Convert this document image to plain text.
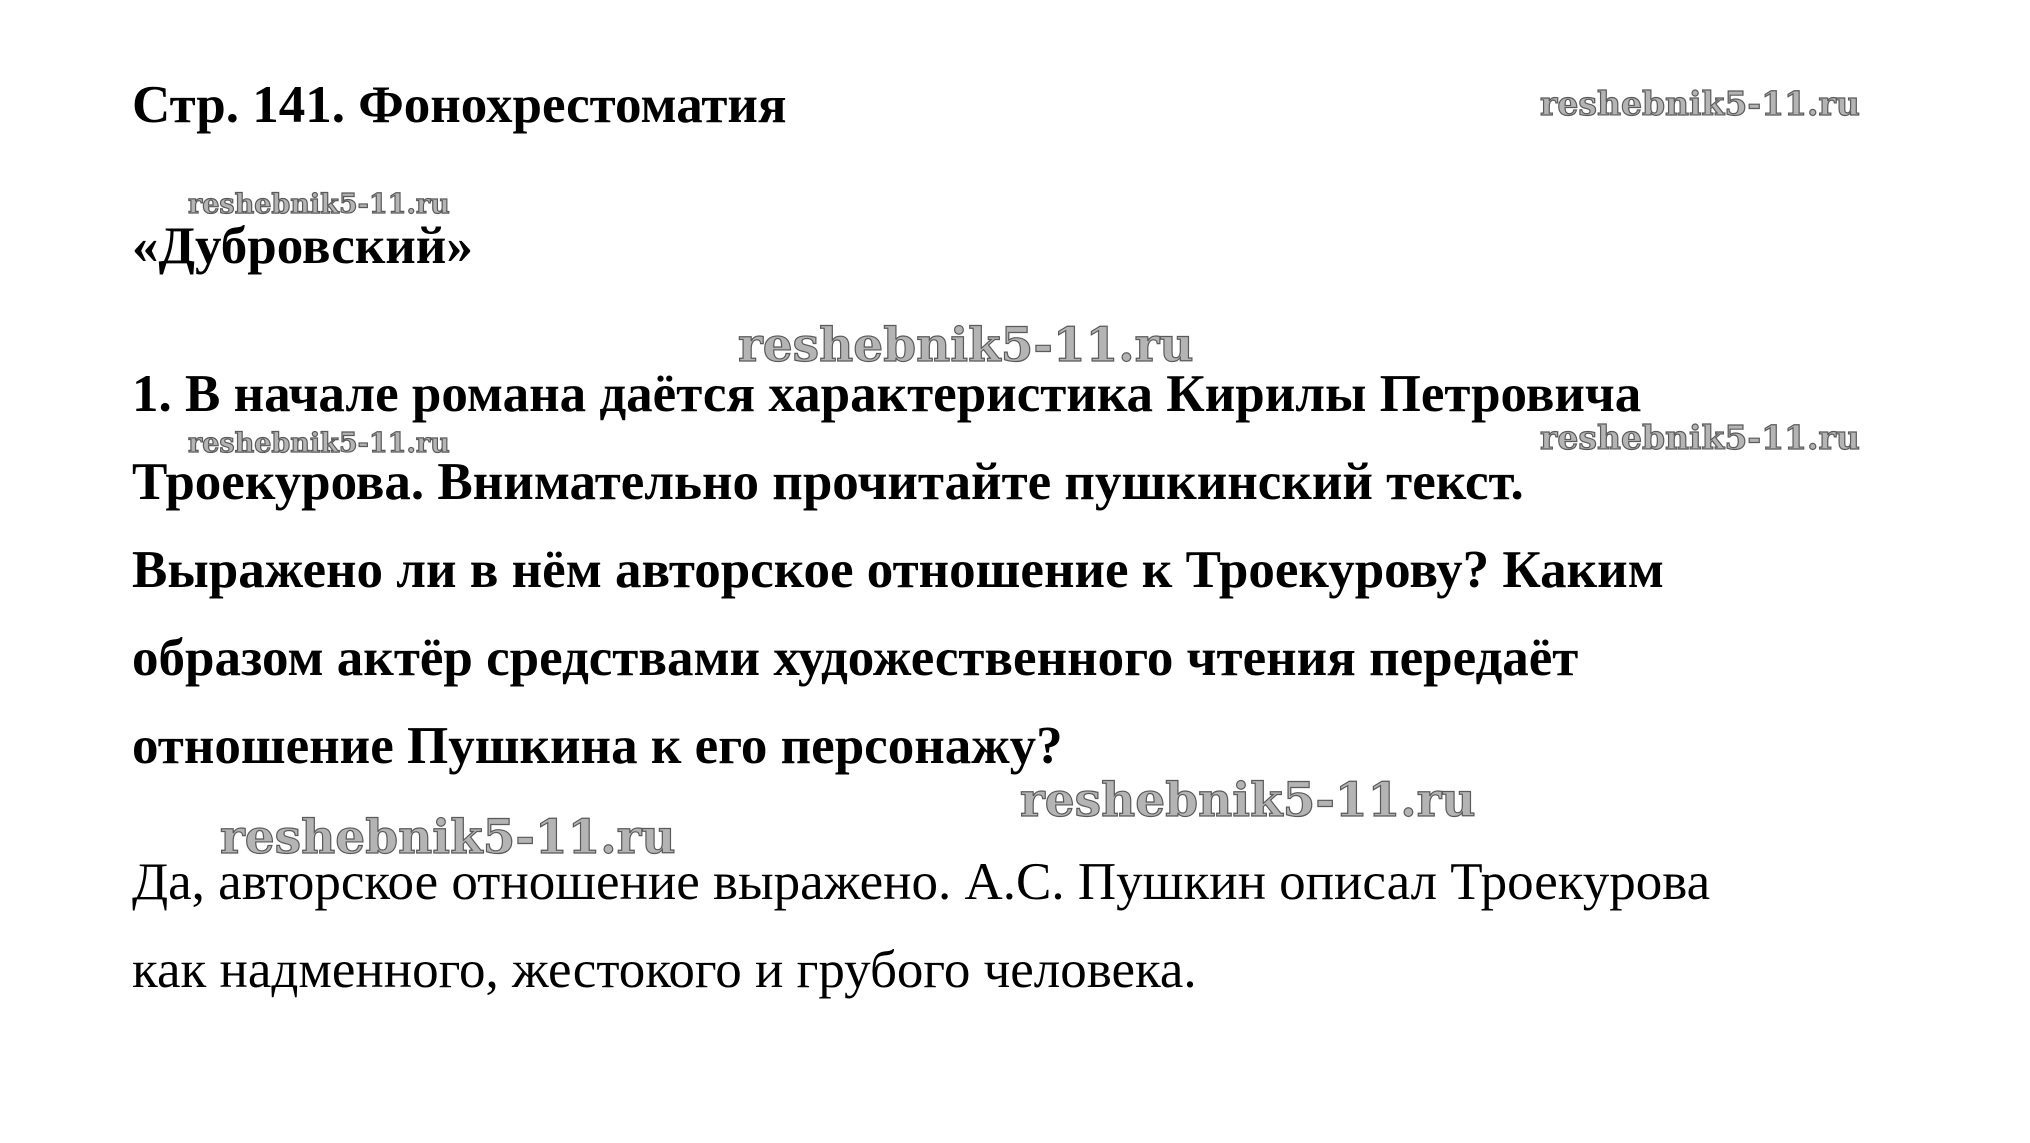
Стр. 141. Фонохрестоматия
«Дубровский»
1. В начале романа даётся характеристика Кирилы Петровича
Троекурова. Внимательно прочитайте пушкинский текст.
Выражено ли в нём авторское отношение к Троекурову? Каким
образом актёр средствами художественного чтения передаёт
отношение Пушкина к его персонажу?
Да, авторское отношение выражено. А.С. Пушкин описал Троекурова
как надменного, жестокого и грубого человека.
reshebnik5-11.ru
reshebnik5-11.ru
reshebnik5-11.ru
reshebnik5-11.ru	reshebnik5-11.ru
reshebnik5-11.ru
reshebnik5-11.ru
